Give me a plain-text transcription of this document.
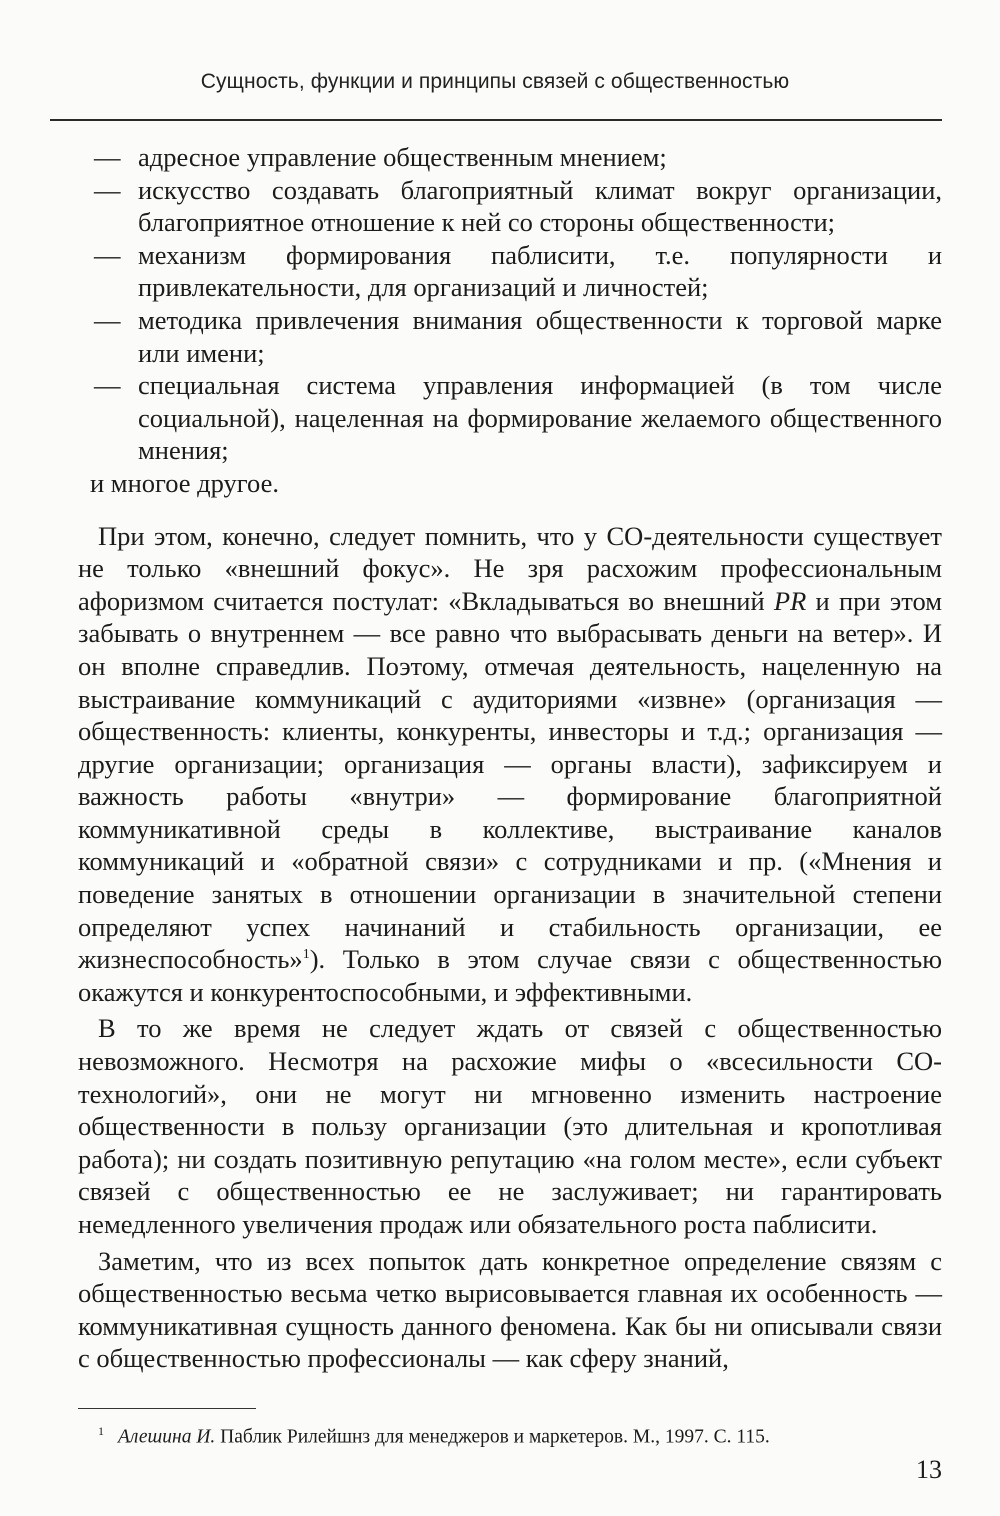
Сущность, функции и принципы связей с общественностью
— адресное управление общественным мнением;
— искусство создавать благоприятный климат вокруг организации, благоприятное отношение к ней со стороны общественности;
— механизм формирования паблисити, т.е. популярности и привлекательности, для организаций и личностей;
— методика привлечения внимания общественности к торговой марке или имени;
— специальная система управления информацией (в том числе социальной), нацеленная на формирование желаемого общественного мнения;

и многое другое.

При этом, конечно, следует помнить, что у СО-деятельности существует не только «внешний фокус». Не зря расхожим профессиональным афоризмом считается постулат: «Вкладываться во внешний PR и при этом забывать о внутреннем — все равно что выбрасывать деньги на ветер». И он вполне справедлив. Поэтому, отмечая деятельность, нацеленную на выстраивание коммуникаций с аудиториями «извне» (организация — общественность: клиенты, конкуренты, инвесторы и т.д.; организация — другие организации; организация — органы власти), зафиксируем и важность работы «внутри» — формирование благоприятной коммуникативной среды в коллективе, выстраивание каналов коммуникаций и «обратной связи» с сотрудниками и пр. («Мнения и поведение занятых в отношении организации в значительной степени определяют успех начинаний и стабильность организации, ее жизнеспособность»$^1$). Только в этом случае связи с общественностью окажутся и конкурентоспособными, и эффективными.

В то же время не следует ждать от связей с общественностью невозможного. Несмотря на расхожие мифы о «всесильности СО-технологий», они не могут ни мгновенно изменить настроение общественности в пользу организации (это длительная и кропотливая работа); ни создать позитивную репутацию «на голом месте», если субъект связей с общественностью ее не заслуживает; ни гарантировать немедленного увеличения продаж или обязательного роста паблисити.

Заметим, что из всех попыток дать конкретное определение связям с общественностью весьма четко вырисовывается главная их особенность — коммуникативная сущность данного феномена. Как бы ни описывали связи с общественностью профессионалы — как сферу знаний,

$^1$ Алешина И. Паблик Рилейшнз для менеджеров и маркетеров. М., 1997. С. 115.
13
